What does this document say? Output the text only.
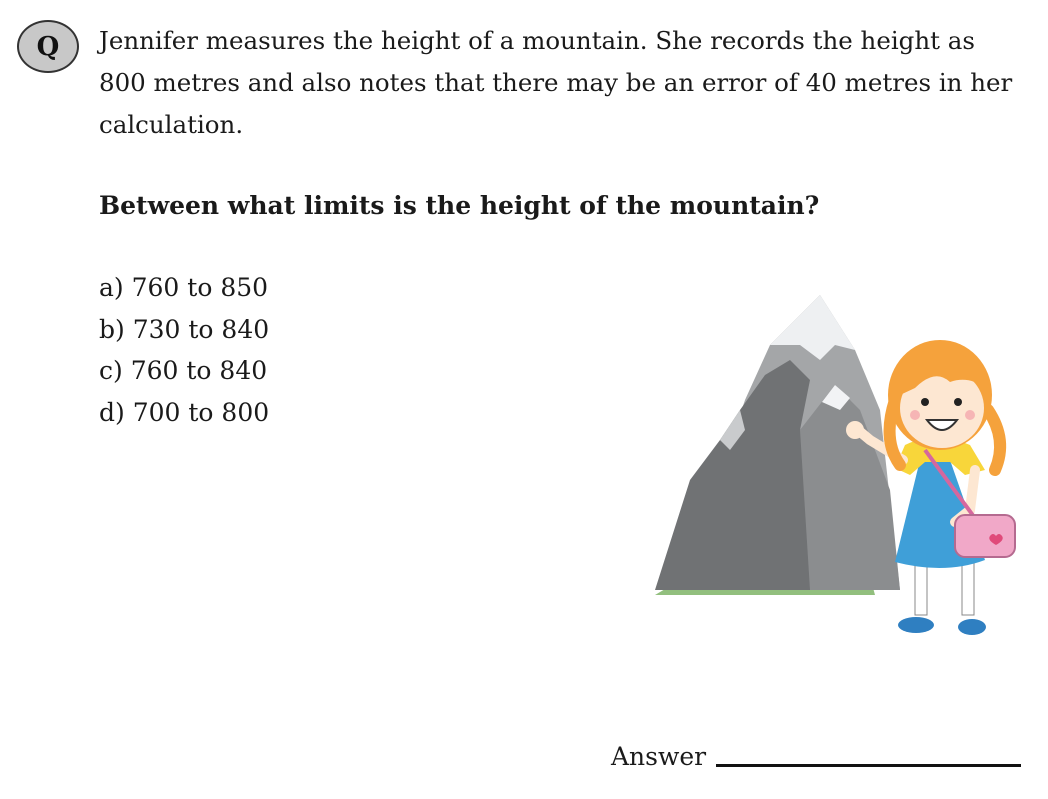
Q	Jennifer measures the height of a mountain. She records the height as 800 metres and also notes that there may be an error of 40 metres in her calculation.
Between what limits is the height of the mountain?
a) 760 to 850
b) 730 to 840
c) 760 to 840
d) 700 to 800
Answer
